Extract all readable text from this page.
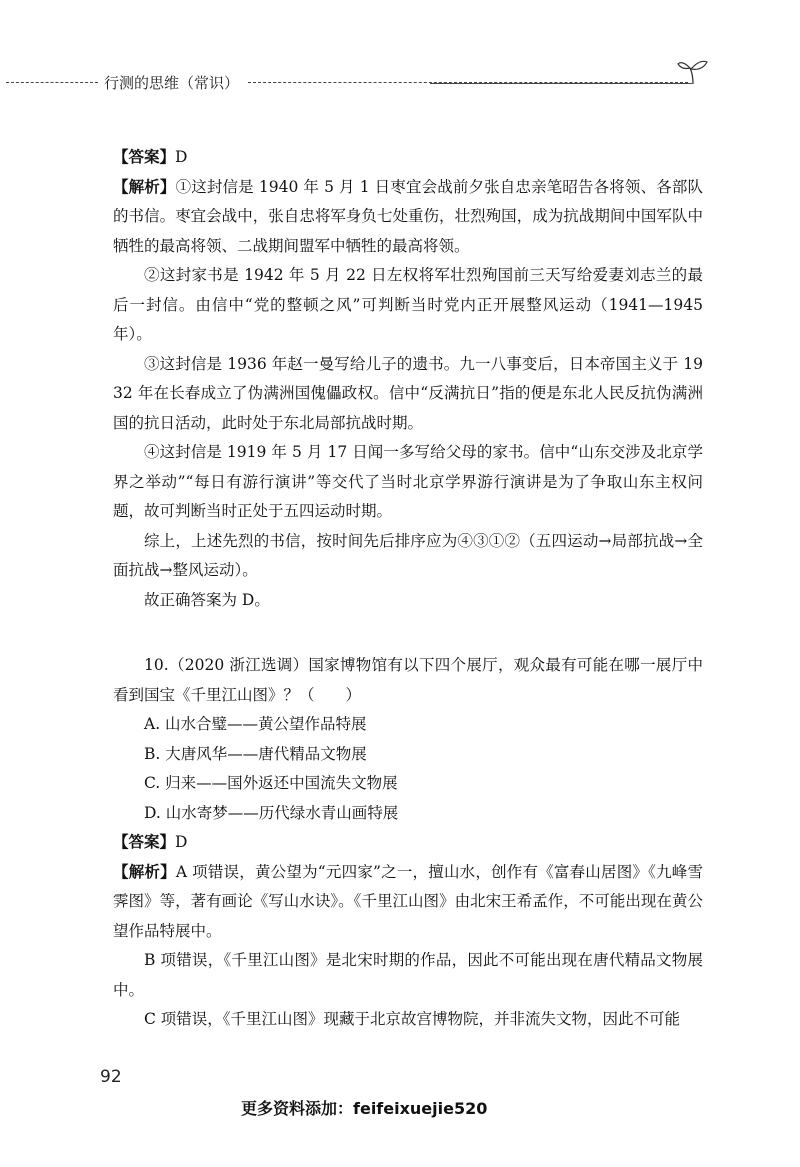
行测的思维（常识）

【答案】D

【解析】①这封信是 1940 年 5 月 1 日枣宜会战前夕张自忠亲笔昭告各将领、各部队的书信。枣宜会战中，张自忠将军身负七处重伤，壮烈殉国，成为抗战期间中国军队中牺牲的最高将领、二战期间盟军中牺牲的最高将领。

②这封家书是 1942 年 5 月 22 日左权将军壮烈殉国前三天写给爱妻刘志兰的最后一封信。由信中“党的整顿之风”可判断当时党内正开展整风运动（1941—1945 年）。

③这封信是 1936 年赵一曼写给儿子的遗书。九一八事变后，日本帝国主义于 1932 年在长春成立了伪满洲国傀儡政权。信中“反满抗日”指的便是东北人民反抗伪满洲国的抗日活动，此时处于东北局部抗战时期。

④这封信是 1919 年 5 月 17 日闻一多写给父母的家书。信中“山东交涉及北京学界之举动”“每日有游行演讲”等交代了当时北京学界游行演讲是为了争取山东主权问题，故可判断当时正处于五四运动时期。

综上，上述先烈的书信，按时间先后排序应为④③①②（五四运动→局部抗战→全面抗战→整风运动）。

故正确答案为 D。

10.（2020 浙江选调）国家博物馆有以下四个展厅，观众最有可能在哪一展厅中看到国宝《千里江山图》？（　　）

A. 山水合璧——黄公望作品特展

B. 大唐风华——唐代精品文物展

C. 归来——国外返还中国流失文物展

D. 山水寄梦——历代绿水青山画特展

【答案】D

【解析】A 项错误，黄公望为“元四家”之一，擅山水，创作有《富春山居图》《九峰雪霁图》等，著有画论《写山水诀》。《千里江山图》由北宋王希孟作，不可能出现在黄公望作品特展中。

B 项错误，《千里江山图》是北宋时期的作品，因此不可能出现在唐代精品文物展中。

C 项错误，《千里江山图》现藏于北京故宫博物院，并非流失文物，因此不可能

92
更多资料添加：feifeixuejie520
